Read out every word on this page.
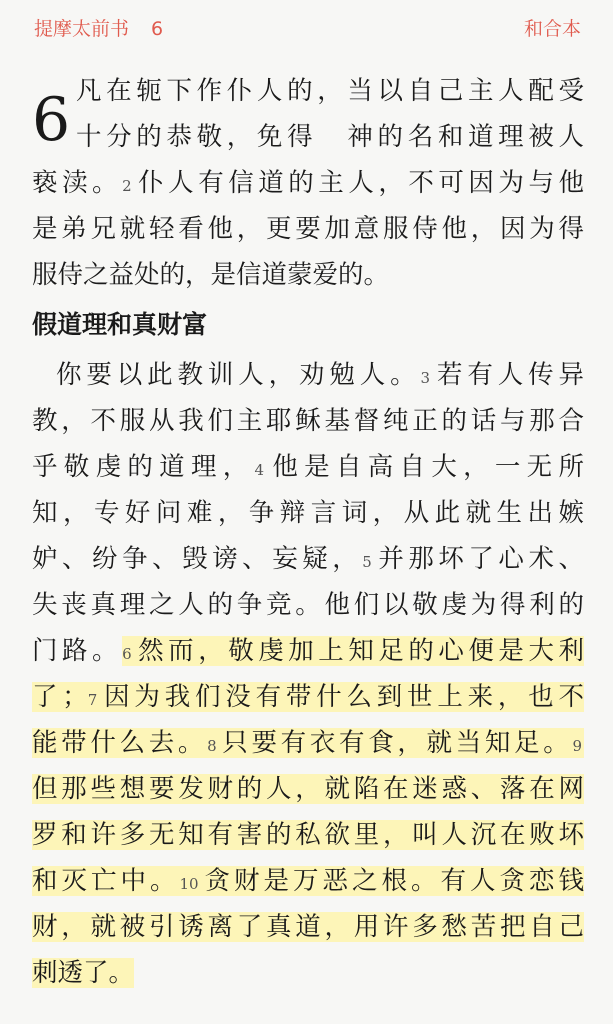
提摩太前书 6	和合本
6 凡在轭下作仆人的，当以自己主人配受
十分的恭敬，免得　神的名和道理被人
亵渎。2仆人有信道的主人，不可因为与他
是弟兄就轻看他，更要加意服侍他，因为得
服侍之益处的，是信道蒙爱的。
假道理和真财富
你要以此教训人，劝勉人。3若有人传异
教，不服从我们主耶稣基督纯正的话与那合
乎敬虔的道理，4他是自高自大，一无所
知，专好问难，争辩言词，从此就生出嫉
妒、纷争、毁谤、妄疑，5并那坏了心术、
失丧真理之人的争竞。他们以敬虔为得利的
门路。6然而，敬虔加上知足的心便是大利
了；7因为我们没有带什么到世上来，也不
能带什么去。8只要有衣有食，就当知足。9
但那些想要发财的人，就陷在迷惑、落在网
罗和许多无知有害的私欲里，叫人沉在败坏
和灭亡中。10贪财是万恶之根。有人贪恋钱
财，就被引诱离了真道，用许多愁苦把自己
刺透了。
